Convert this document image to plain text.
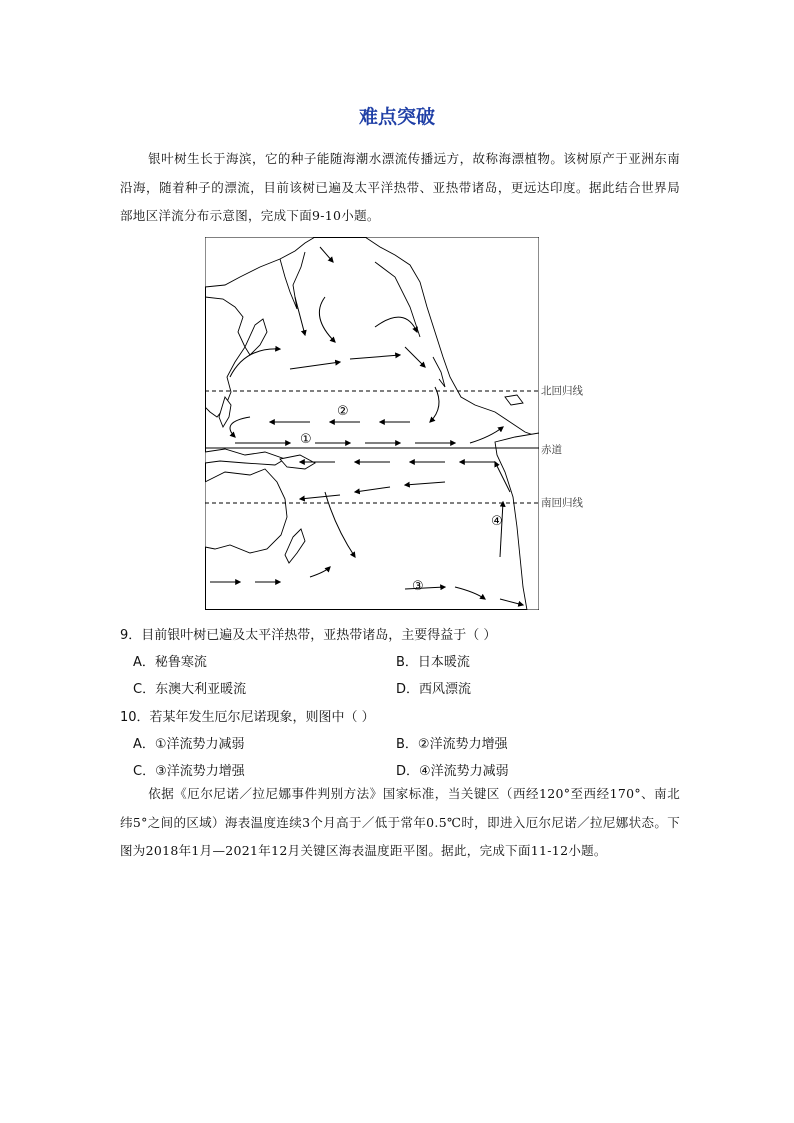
难点突破
银叶树生长于海滨，它的种子能随海潮水漂流传播远方，故称海漂植物。该树原产于亚洲东南沿海，随着种子的漂流，目前该树已遍及太平洋热带、亚热带诸岛，更远达印度。据此结合世界局部地区洋流分布示意图，完成下面9-10小题。
①
②
③
④
北回归线
赤道
南回归线
9．目前银叶树已遍及太平洋热带，亚热带诸岛，主要得益于（ ）
A．秘鲁寒流	B．日本暖流
C．东澳大利亚暖流	D．西风漂流
10．若某年发生厄尔尼诺现象，则图中（ ）
A．①洋流势力减弱	B．②洋流势力增强
C．③洋流势力增强	D．④洋流势力减弱
依据《厄尔尼诺／拉尼娜事件判别方法》国家标准，当关键区（西经120°至西经170°、南北纬5°之间的区域）海表温度连续3个月高于／低于常年0.5℃时，即进入厄尔尼诺／拉尼娜状态。下图为2018年1月—2021年12月关键区海表温度距平图。据此，完成下面11-12小题。
